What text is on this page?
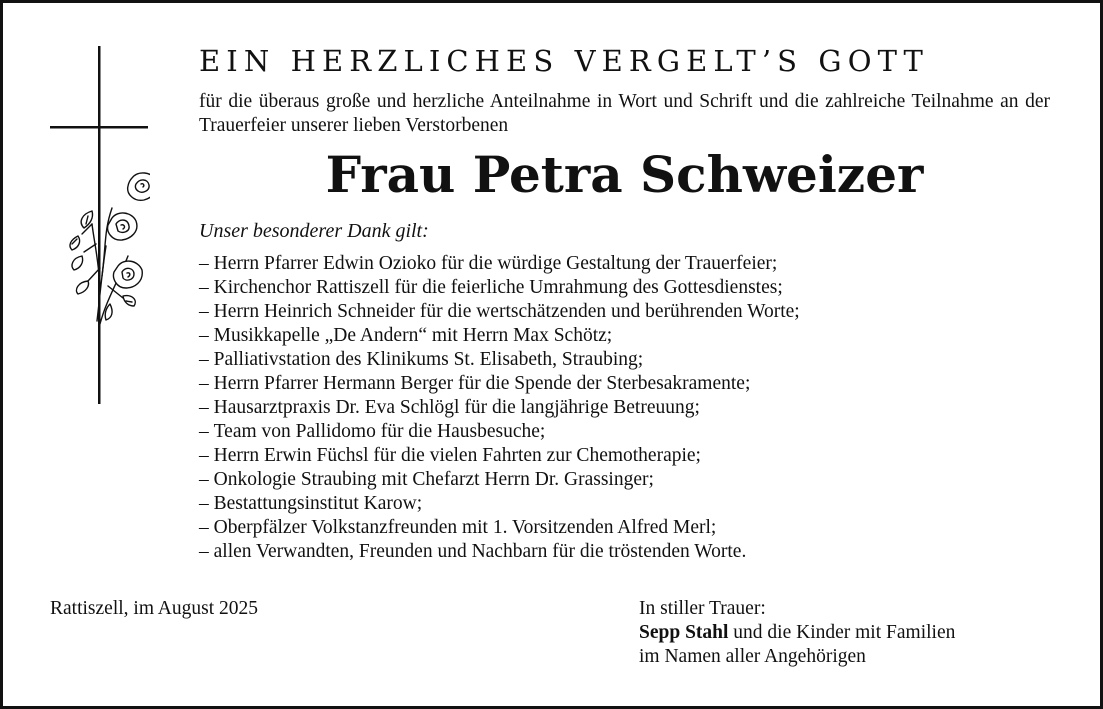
EIN HERZLICHES VERGELT’S GOTT
für die überaus große und herzliche Anteilnahme in Wort und Schrift und die zahlreiche Teilnahme an der Trauerfeier unserer lieben Verstorbenen
Frau Petra Schweizer
Unser besonderer Dank gilt:
– Herrn Pfarrer Edwin Ozioko für die würdige Gestaltung der Trauerfeier;
– Kirchenchor Rattiszell für die feierliche Umrahmung des Gottesdienstes;
– Herrn Heinrich Schneider für die wertschätzenden und berührenden Worte;
– Musikkapelle „De Andern“ mit Herrn Max Schötz;
– Palliativstation des Klinikums St. Elisabeth, Straubing;
– Herrn Pfarrer Hermann Berger für die Spende der Sterbesakramente;
– Hausarztpraxis Dr. Eva Schlögl für die langjährige Betreuung;
– Team von Pallidomo für die Hausbesuche;
– Herrn Erwin Füchsl für die vielen Fahrten zur Chemotherapie;
– Onkologie Straubing mit Chefarzt Herrn Dr. Grassinger;
– Bestattungsinstitut Karow;
– Oberpfälzer Volkstanzfreunden mit 1. Vorsitzenden Alfred Merl;
– allen Verwandten, Freunden und Nachbarn für die tröstenden Worte.
Rattiszell, im August 2025	In stiller Trauer:
Sepp Stahl und die Kinder mit Familien
im Namen aller Angehörigen
